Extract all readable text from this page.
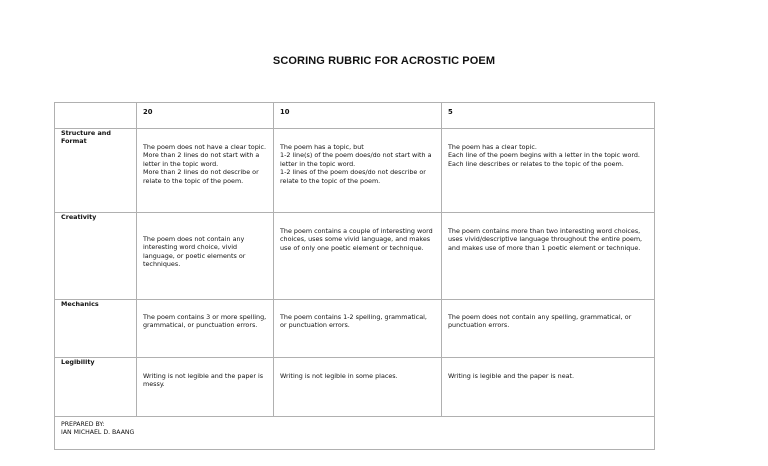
SCORING RUBRIC FOR ACROSTIC POEM
	20	10	5
Structure and Format	The poem does not have a clear topic.
More than 2 lines do not start with a letter in the topic word.
More than 2 lines do not describe or relate to the topic of the poem.	The poem has a topic, but
1-2 line(s) of the poem does/do not start with a letter in the topic word.
1-2 lines of the poem does/do not describe or relate to the topic of the poem.	The poem has a clear topic.
Each line of the poem begins with a letter in the topic word.
Each line describes or relates to the topic of the poem.
Creativity	The poem does not contain any interesting word choice, vivid language, or poetic elements or techniques.	The poem contains a couple of interesting word choices, uses some vivid language, and makes use of only one poetic element or technique.	The poem contains more than two interesting word choices, uses vivid/descriptive language throughout the entire poem, and makes use of more than 1 poetic element or technique.
Mechanics	The poem contains 3 or more spelling, grammatical, or punctuation errors.	The poem contains 1-2 spelling, grammatical, or punctuation errors.	The poem does not contain any spelling, grammatical, or punctuation errors.
Legibility	Writing is not legible and the paper is messy.	Writing is not legible in some places.	Writing is legible and the paper is neat.

PREPARED BY:
IAN MICHAEL D. BAANG			
